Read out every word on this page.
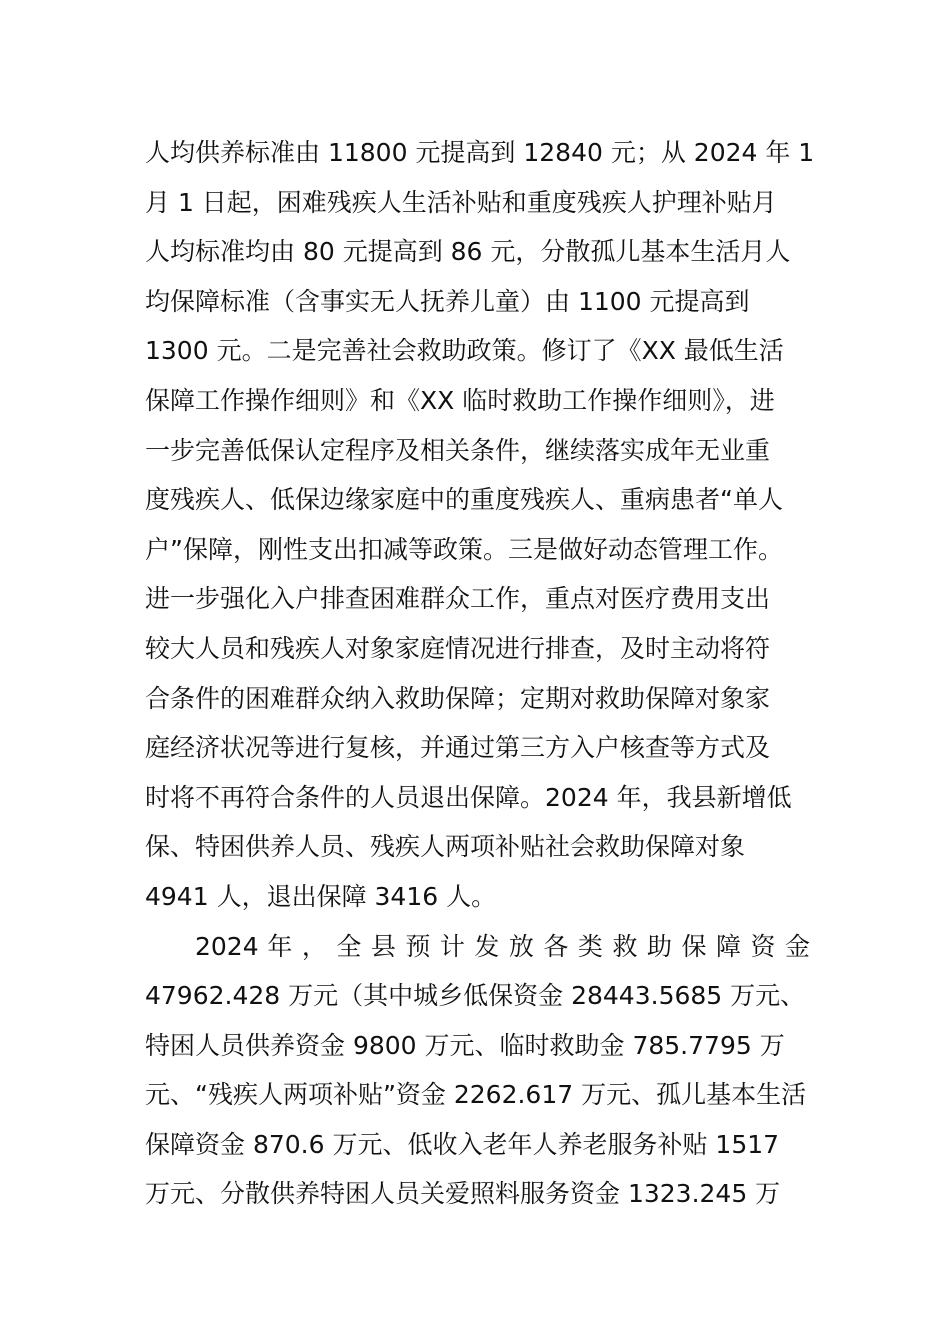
人均供养标准由 11800 元提高到 12840 元；从 2024 年 1
月 1 日起，困难残疾人生活补贴和重度残疾人护理补贴月
人均标准均由 80 元提高到 86 元，分散孤儿基本生活月人
均保障标准（含事实无人抚养儿童）由 1100 元提高到
1300 元。二是完善社会救助政策。修订了《XX 最低生活
保障工作操作细则》和《XX 临时救助工作操作细则》，进
一步完善低保认定程序及相关条件，继续落实成年无业重
度残疾人、低保边缘家庭中的重度残疾人、重病患者“单人
户”保障，刚性支出扣减等政策。三是做好动态管理工作。
进一步强化入户排查困难群众工作，重点对医疗费用支出
较大人员和残疾人对象家庭情况进行排查，及时主动将符
合条件的困难群众纳入救助保障；定期对救助保障对象家
庭经济状况等进行复核，并通过第三方入户核查等方式及
时将不再符合条件的人员退出保障。2024 年，我县新增低
保、特困供养人员、残疾人两项补贴社会救助保障对象
4941 人，退出保障 3416 人。
2024 年 ， 全 县 预 计 发 放 各 类 救 助 保 障 资 金
47962.428 万元（其中城乡低保资金 28443.5685 万元、
特困人员供养资金 9800 万元、临时救助金 785.7795 万
元、“残疾人两项补贴”资金 2262.617 万元、孤儿基本生活
保障资金 870.6 万元、低收入老年人养老服务补贴 1517
万元、分散供养特困人员关爱照料服务资金 1323.245 万
